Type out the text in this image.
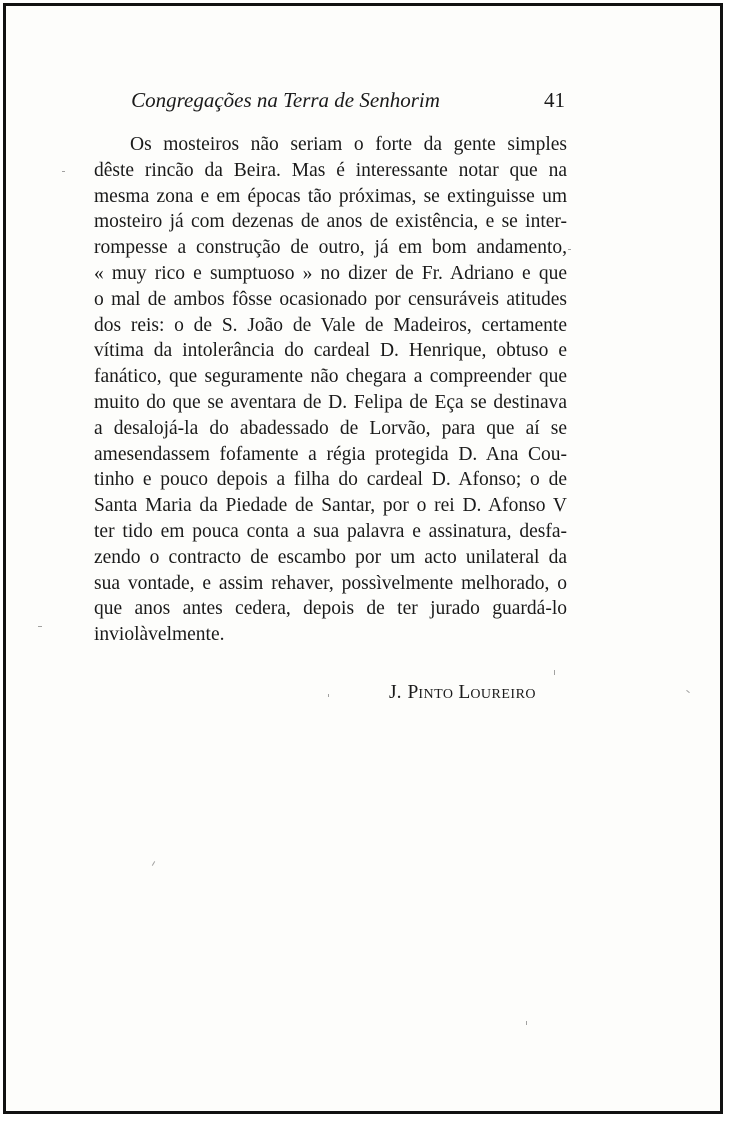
Congregações na Terra de Senhorim	41
Os mosteiros não seriam o forte da gente simples
dêste rincão da Beira. Mas é interessante notar que na
mesma zona e em épocas tão próximas, se extinguisse um
mosteiro já com dezenas de anos de existência, e se inter-
rompesse a construção de outro, já em bom andamento,
« muy rico e sumptuoso » no dizer de Fr. Adriano e que
o mal de ambos fôsse ocasionado por censuráveis atitudes
dos reis: o de S. João de Vale de Madeiros, certamente
vítima da intolerância do cardeal D. Henrique, obtuso e
fanático, que seguramente não chegara a compreender que
muito do que se aventara de D. Felipa de Eça se destinava
a desalojá-la do abadessado de Lorvão, para que aí se
amesendassem fofamente a régia protegida D. Ana Cou-
tinho e pouco depois a filha do cardeal D. Afonso; o de
Santa Maria da Piedade de Santar, por o rei D. Afonso V
ter tido em pouca conta a sua palavra e assinatura, desfa-
zendo o contracto de escambo por um acto unilateral da
sua vontade, e assim rehaver, possìvelmente melhorado, o
que anos antes cedera, depois de ter jurado guardá-lo
inviolàvelmente.
J. PINTO LOUREIRO
